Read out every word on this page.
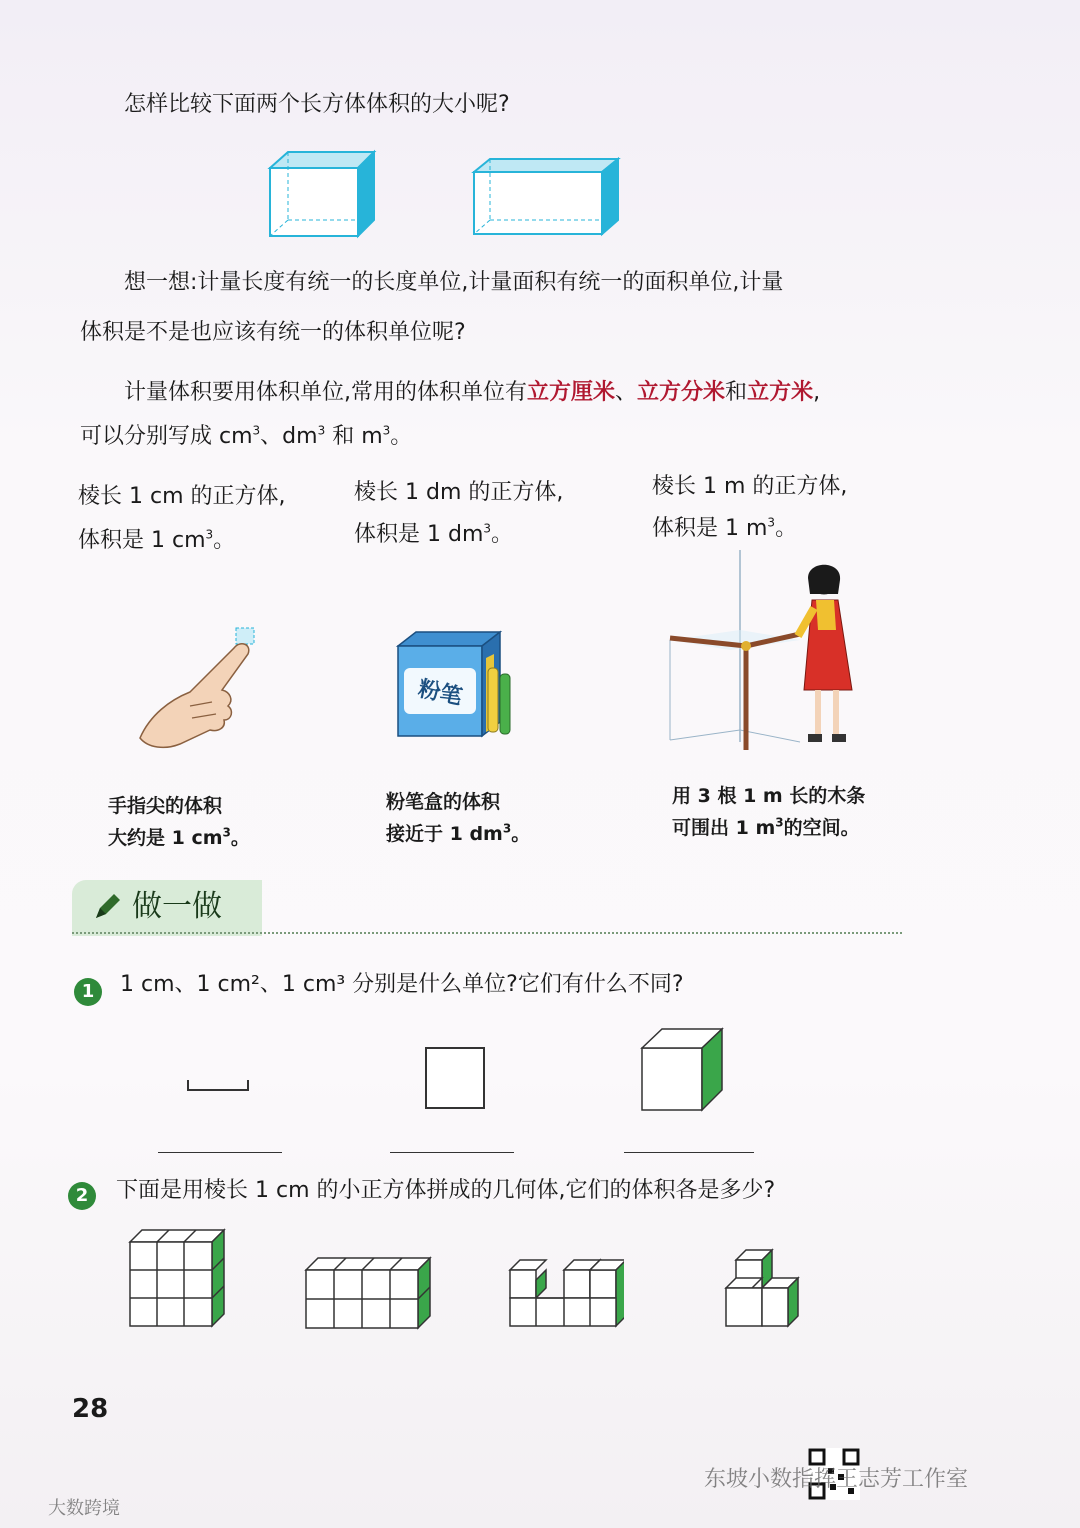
怎样比较下面两个长方体体积的大小呢?
想一想:计量长度有统一的长度单位,计量面积有统一的面积单位,计量
体积是不是也应该有统一的体积单位呢?
计量体积要用体积单位,常用的体积单位有立方厘米、立方分米和立方米,
可以分别写成 $cm^3$、$dm^3$ 和 $m^3$。
棱长 1 cm 的正方体,
体积是 1 $cm^3$。
棱长 1 dm 的正方体,
体积是 1 $dm^3$。
棱长 1 m 的正方体,
体积是 1 $m^3$。
粉笔
手指尖的体积
大约是 1 $cm^3$。
粉笔盒的体积
接近于 1 $dm^3$。
用 3 根 1 m 长的木条
可围出 1 $m^3$的空间。
做一做
1	1 cm、1 cm²、1 cm³ 分别是什么单位?它们有什么不同?
2	下面是用棱长 1 cm 的小正方体拼成的几何体,它们的体积各是多少?
28
东坡小数指挥王志芳工作室
大数跨境
